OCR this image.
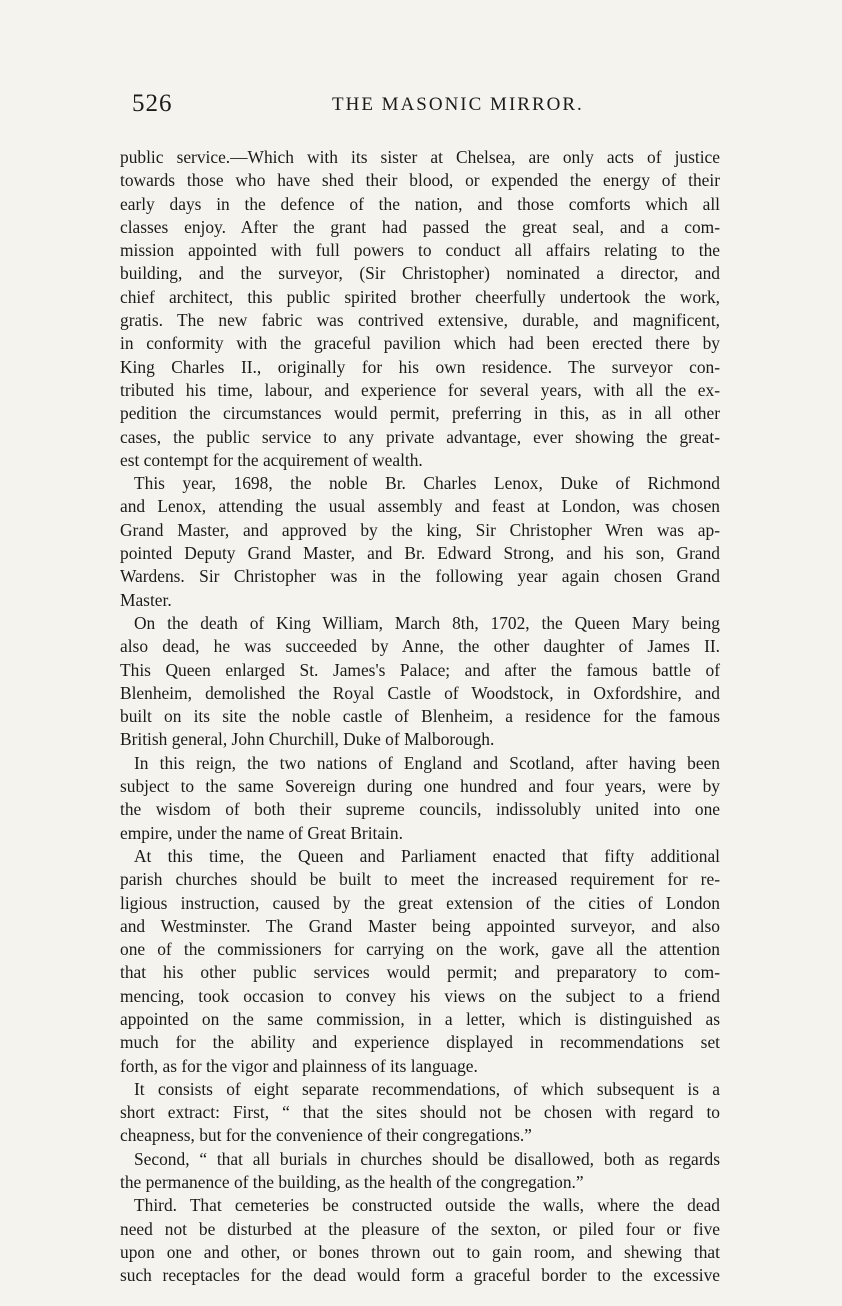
526	THE MASONIC MIRROR.

public service.—Which with its sister at Chelsea, are only acts of justice
towards those who have shed their blood, or expended the energy of their
early days in the defence of the nation, and those comforts which all
classes enjoy. After the grant had passed the great seal, and a com-
mission appointed with full powers to conduct all affairs relating to the
building, and the surveyor, (Sir Christopher) nominated a director, and
chief architect, this public spirited brother cheerfully undertook the work,
gratis. The new fabric was contrived extensive, durable, and magnificent,
in conformity with the graceful pavilion which had been erected there by
King Charles II., originally for his own residence. The surveyor con-
tributed his time, labour, and experience for several years, with all the ex-
pedition the circumstances would permit, preferring in this, as in all other
cases, the public service to any private advantage, ever showing the great-
est contempt for the acquirement of wealth.

This year, 1698, the noble Br. Charles Lenox, Duke of Richmond
and Lenox, attending the usual assembly and feast at London, was chosen
Grand Master, and approved by the king, Sir Christopher Wren was ap-
pointed Deputy Grand Master, and Br. Edward Strong, and his son, Grand
Wardens. Sir Christopher was in the following year again chosen Grand
Master.

On the death of King William, March 8th, 1702, the Queen Mary being
also dead, he was succeeded by Anne, the other daughter of James II.
This Queen enlarged St. James's Palace; and after the famous battle of
Blenheim, demolished the Royal Castle of Woodstock, in Oxfordshire, and
built on its site the noble castle of Blenheim, a residence for the famous
British general, John Churchill, Duke of Malborough.

In this reign, the two nations of England and Scotland, after having been
subject to the same Sovereign during one hundred and four years, were by
the wisdom of both their supreme councils, indissolubly united into one
empire, under the name of Great Britain.

At this time, the Queen and Parliament enacted that fifty additional
parish churches should be built to meet the increased requirement for re-
ligious instruction, caused by the great extension of the cities of London
and Westminster. The Grand Master being appointed surveyor, and also
one of the commissioners for carrying on the work, gave all the attention
that his other public services would permit; and preparatory to com-
mencing, took occasion to convey his views on the subject to a friend
appointed on the same commission, in a letter, which is distinguished as
much for the ability and experience displayed in recommendations set
forth, as for the vigor and plainness of its language.

It consists of eight separate recommendations, of which subsequent is a
short extract: First, “ that the sites should not be chosen with regard to
cheapness, but for the convenience of their congregations.”

Second, “ that all burials in churches should be disallowed, both as regards
the permanence of the building, as the health of the congregation.”

Third. That cemeteries be constructed outside the walls, where the dead
need not be disturbed at the pleasure of the sexton, or piled four or five
upon one and other, or bones thrown out to gain room, and shewing that
such receptacles for the dead would form a graceful border to the excessive
